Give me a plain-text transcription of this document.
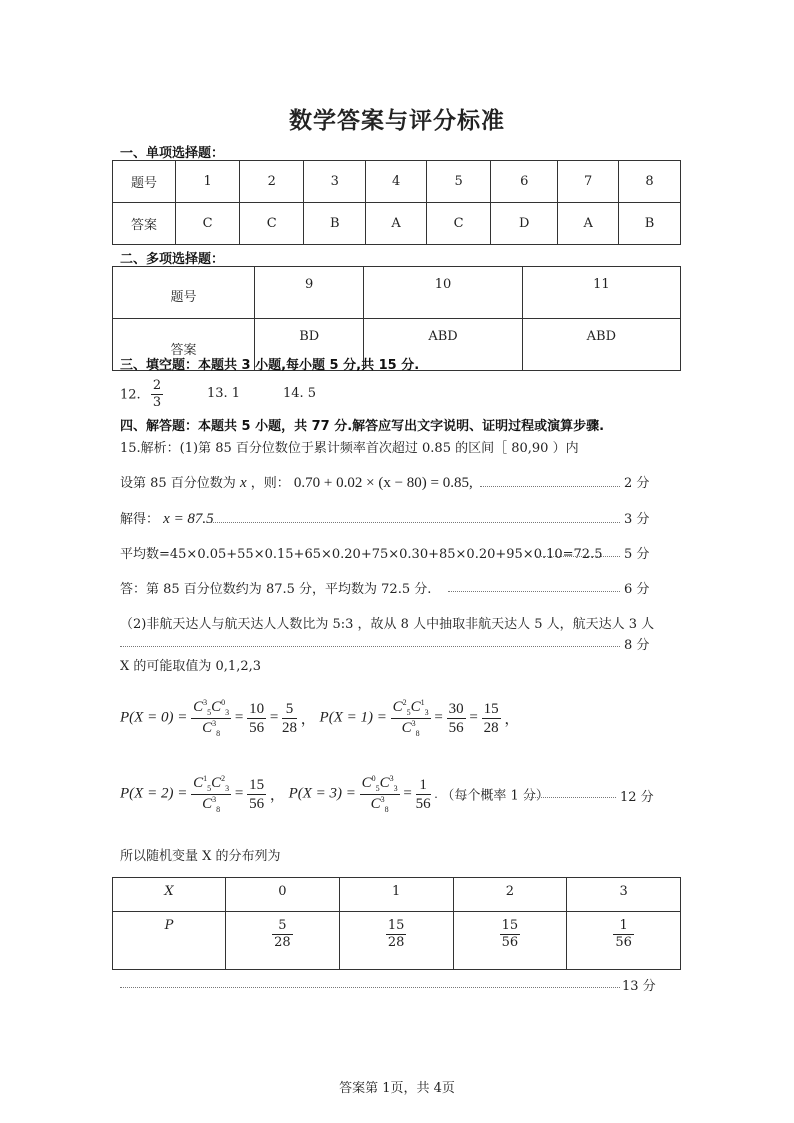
数学答案与评分标准
一、单项选择题：
题号	1	2	3	4	5	6	7	8
答案	C	C	B	A	C	D	A	B
二、多项选择题：
题号	9	10	11
答案	BD	ABD	ABD
三、填空题：本题共 3 小题,每小题 5 分,共 15 分.
12. $\frac{2}{3}$	13. 1	14. 5
四、解答题：本题共 5 小题，共 77 分.解答应写出文字说明、证明过程或演算步骤.
15.解析：(1)第 85 百分位数位于累计频率首次超过 0.85 的区间［ 80,90 ）内
设第 85 百分位数为 x ，则： 0.70 + 0.02 × (x − 80) = 0.85,	2 分
解得： x = 87.5	3 分
平均数=45×0.05+55×0.15+65×0.20+75×0.30+85×0.20+95×0.10=72.5 5 分
答：第 85 百分位数约为 87.5 分，平均数为 72.5 分.	6 分
（2)非航天达人与航天达人人数比为 5:3 ，故从 8 人中抽取非航天达人 5 人，航天达人 3 人
8 分
X 的可能取值为 0,1,2,3
$P(X = 0) = \frac{C^3_5C^0_3}{C^3_8} = \frac{10}{56} = \frac{5}{28}$ ， $P(X = 1) = \frac{C^2_5C^1_3}{C^3_8} = \frac{30}{56} = \frac{15}{28}$ ，
$P(X = 2) = \frac{C^1_5C^2_3}{C^3_8} = \frac{15}{56}$ ， $P(X = 3) = \frac{C^0_5C^3_3}{C^3_8} = \frac{1}{56}$ . （每个概率 1 分）	12 分
所以随机变量 X 的分布列为
X	0	1	2	3
P	$\frac{5}{28}$	$\frac{15}{28}$	$\frac{15}{56}$	$\frac{1}{56}$
13 分
答案第 1页，共 4页
